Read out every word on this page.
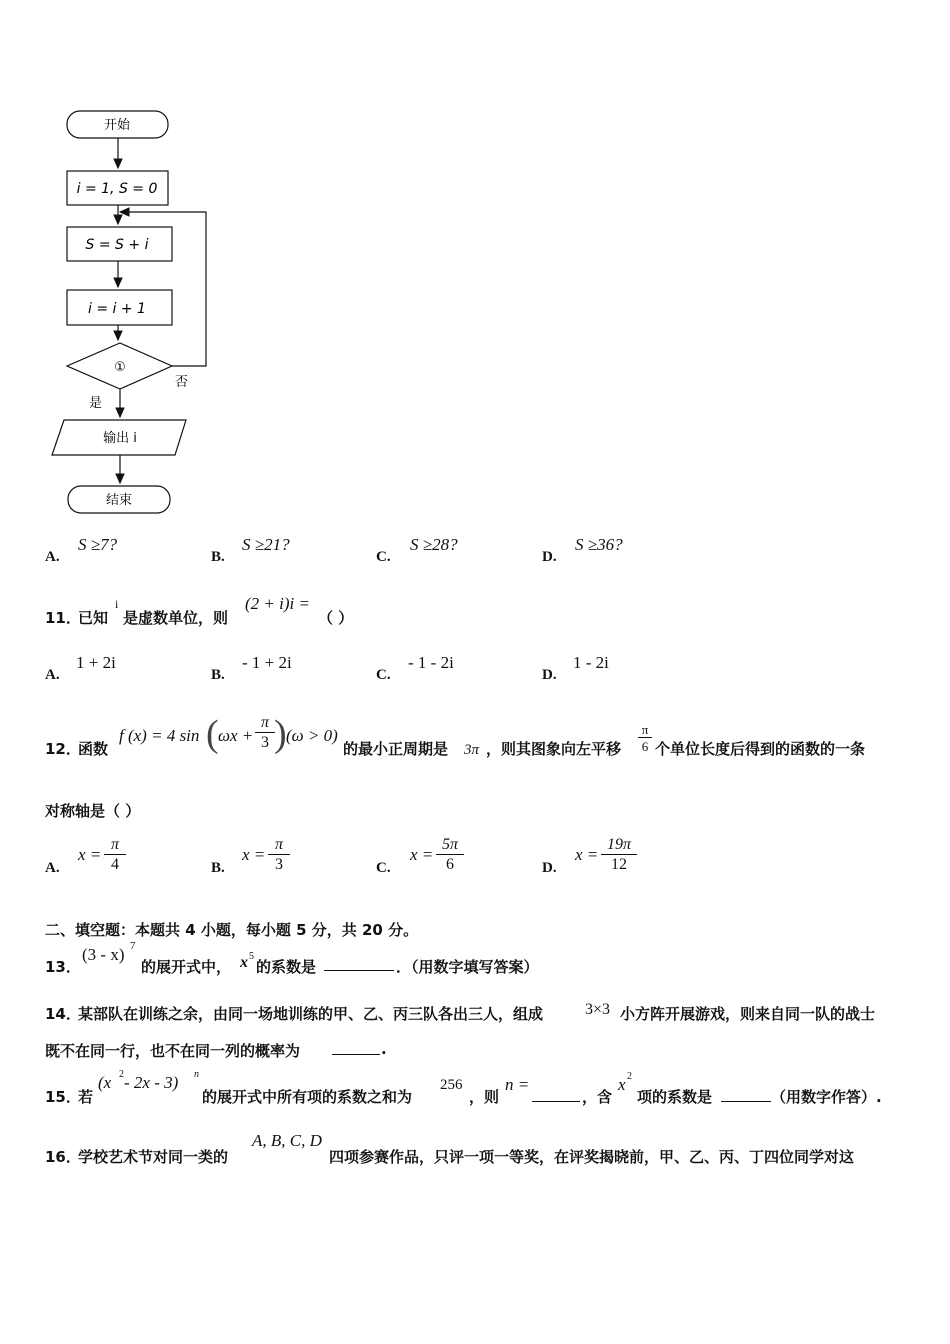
开始
i = 1, S = 0
S = S + i
i = i + 1
①
否
是
输出 i
结束
A.
S ≥7?
B.
S ≥21?
C.
S ≥28?
D.
S ≥36?
11．
已知
i
是虚数单位，则
(2 + i)i =
（ ）
A.
1 + 2i
B.
- 1 + 2i
C.
- 1 - 2i
D.
1 - 2i
12．
函数
f (x) = 4 sin ( $\omega x + \frac{\pi}{3}$ ) (ω > 0)
的最小正周期是 3π ，则其图象向左平移 $\frac{\pi}{6}$ 个单位长度后得到的函数的一条
对称轴是（ ）
A.
$x = \frac{\pi}{4}$	B.
$x = \frac{\pi}{3}$	C.
$x = \frac{5\pi}{6}$	D.
$x = \frac{19\pi}{12}$
二、填空题：本题共 4 小题，每小题 5 分，共 20 分。
13．
(3 - x) 7
的展开式中， x 5
的系数是	．（用数字填写答案）
14．
某部队在训练之余，由同一场地训练的甲、乙、丙三队各出三人，组成	3×3 小方阵开展游戏，则来自同一队的战士
既不在同一行，也不在同一列的概率为	.
15．
若
(x 2 - 2x - 3) n
的展开式中所有项的系数之和为
256
，则
n =
，含
x 2
项的系数是	（用数字作答）.
16．
学校艺术节对同一类的
A, B, C, D
四项参赛作品，只评一项一等奖，在评奖揭晓前，甲、乙、丙、丁四位同学对这
